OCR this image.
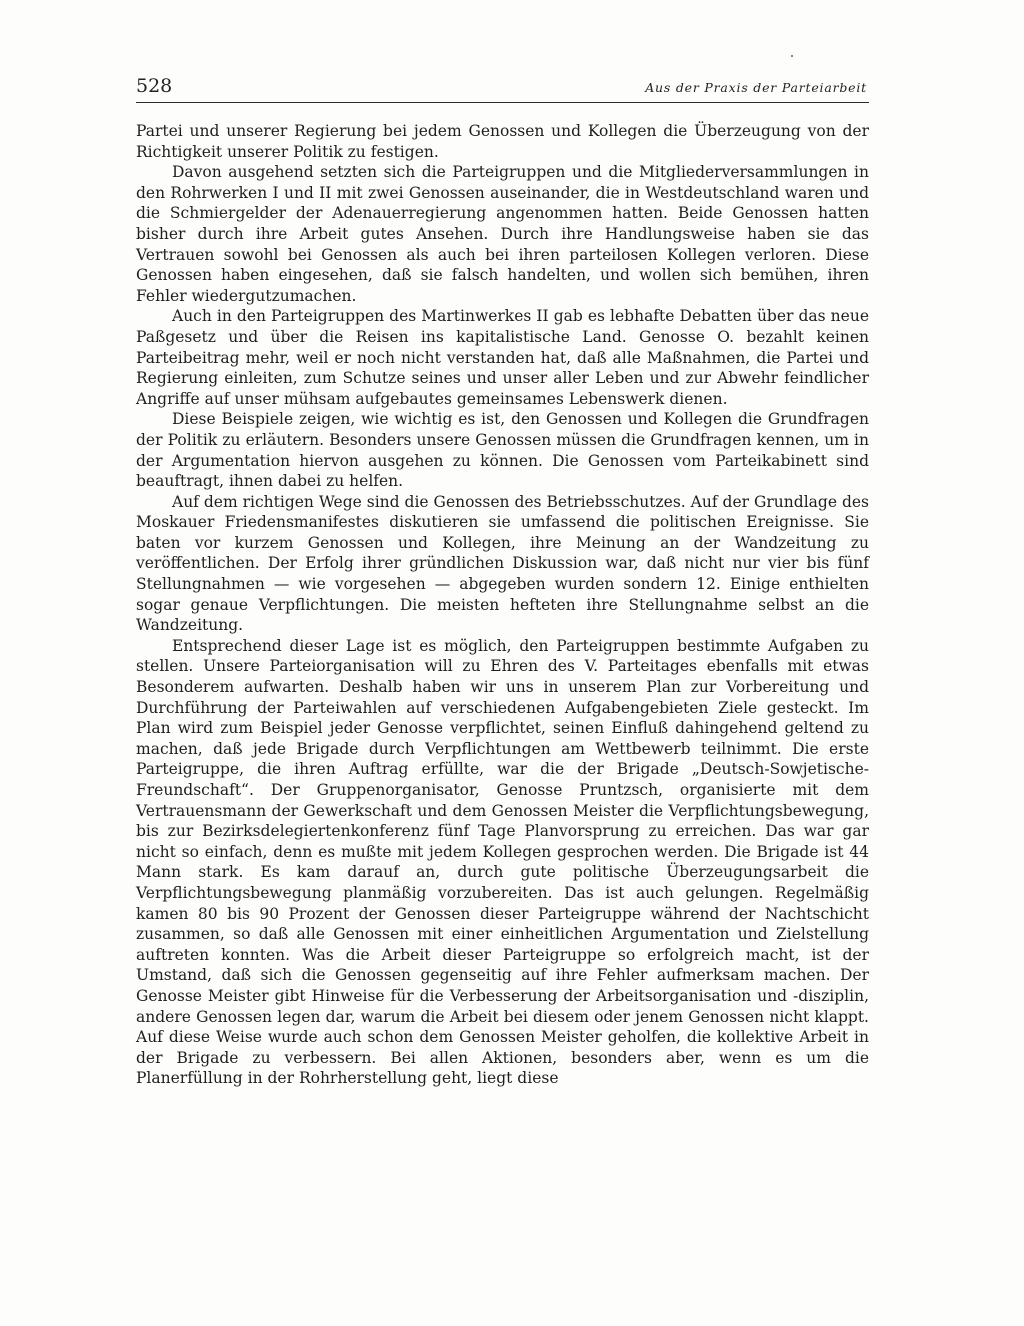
528	Aus der Praxis der Parteiarbeit

Partei und unserer Regierung bei jedem Genossen und Kollegen die Überzeugung von der Richtigkeit unserer Politik zu festigen.

Davon ausgehend setzten sich die Parteigruppen und die Mitgliederversammlungen in den Rohrwerken I und II mit zwei Genossen auseinander, die in Westdeutschland waren und die Schmiergelder der Adenauerregierung angenommen hatten. Beide Genossen hatten bisher durch ihre Arbeit gutes Ansehen. Durch ihre Handlungsweise haben sie das Vertrauen sowohl bei Genossen als auch bei ihren parteilosen Kollegen verloren. Diese Genossen haben eingesehen, daß sie falsch handelten, und wollen sich bemühen, ihren Fehler wiedergutzumachen.

Auch in den Parteigruppen des Martinwerkes II gab es lebhafte Debatten über das neue Paßgesetz und über die Reisen ins kapitalistische Land. Genosse O. bezahlt keinen Parteibeitrag mehr, weil er noch nicht verstanden hat, daß alle Maßnahmen, die Partei und Regierung einleiten, zum Schutze seines und unser aller Leben und zur Abwehr feindlicher Angriffe auf unser mühsam aufgebautes gemeinsames Lebenswerk dienen.

Diese Beispiele zeigen, wie wichtig es ist, den Genossen und Kollegen die Grundfragen der Politik zu erläutern. Besonders unsere Genossen müssen die Grundfragen kennen, um in der Argumentation hiervon ausgehen zu können. Die Genossen vom Parteikabinett sind beauftragt, ihnen dabei zu helfen.

Auf dem richtigen Wege sind die Genossen des Betriebsschutzes. Auf der Grundlage des Moskauer Friedensmanifestes diskutieren sie umfassend die politischen Ereignisse. Sie baten vor kurzem Genossen und Kollegen, ihre Meinung an der Wandzeitung zu veröffentlichen. Der Erfolg ihrer gründlichen Diskussion war, daß nicht nur vier bis fünf Stellungnahmen — wie vorgesehen — abgegeben wurden sondern 12. Einige enthielten sogar genaue Verpflichtungen. Die meisten hefteten ihre Stellungnahme selbst an die Wandzeitung.

Entsprechend dieser Lage ist es möglich, den Parteigruppen bestimmte Aufgaben zu stellen. Unsere Parteiorganisation will zu Ehren des V. Parteitages ebenfalls mit etwas Besonderem aufwarten. Deshalb haben wir uns in unserem Plan zur Vorbereitung und Durchführung der Parteiwahlen auf verschiedenen Aufgabengebieten Ziele gesteckt. Im Plan wird zum Beispiel jeder Genosse verpflichtet, seinen Einfluß dahingehend geltend zu machen, daß jede Brigade durch Verpflichtungen am Wettbewerb teilnimmt. Die erste Parteigruppe, die ihren Auftrag erfüllte, war die der Brigade „Deutsch-Sowjetische-Freundschaft“. Der Gruppenorganisator, Genosse Pruntzsch, organisierte mit dem Vertrauensmann der Gewerkschaft und dem Genossen Meister die Verpflichtungsbewegung, bis zur Bezirksdelegiertenkonferenz fünf Tage Planvorsprung zu erreichen. Das war gar nicht so einfach, denn es mußte mit jedem Kollegen gesprochen werden. Die Brigade ist 44 Mann stark. Es kam darauf an, durch gute politische Überzeugungsarbeit die Verpflichtungsbewegung planmäßig vorzubereiten. Das ist auch gelungen. Regelmäßig kamen 80 bis 90 Prozent der Genossen dieser Parteigruppe während der Nachtschicht zusammen, so daß alle Genossen mit einer einheitlichen Argumentation und Zielstellung auftreten konnten. Was die Arbeit dieser Parteigruppe so erfolgreich macht, ist der Umstand, daß sich die Genossen gegenseitig auf ihre Fehler aufmerksam machen. Der Genosse Meister gibt Hinweise für die Verbesserung der Arbeitsorganisation und -disziplin, andere Genossen legen dar, warum die Arbeit bei diesem oder jenem Genossen nicht klappt. Auf diese Weise wurde auch schon dem Genossen Meister geholfen, die kollektive Arbeit in der Brigade zu verbessern. Bei allen Aktionen, besonders aber, wenn es um die Planerfüllung in der Rohrherstellung geht, liegt diese
